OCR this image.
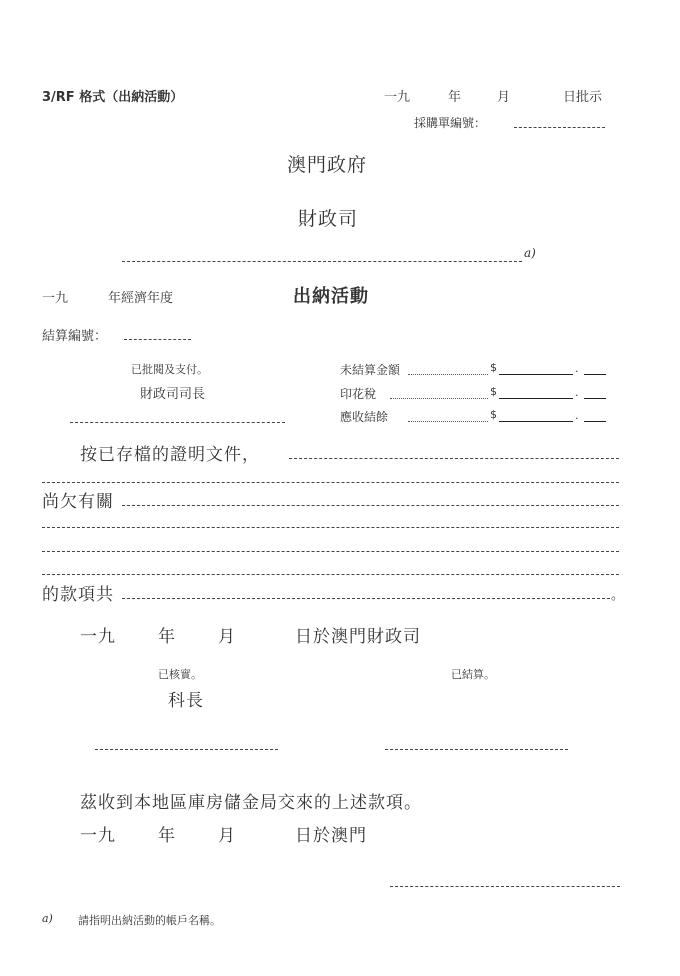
3/RF 格式（出納活動）	一九	年	月	日批示
採購單編號：
澳門政府
財政司
a)
一九	年經濟年度	出納活動
結算編號：
已批閱及支付。
財政司司長
未結算金額	$	.
印花稅	$	.
應收結餘	$	.
按已存檔的證明文件，
尚欠有關
的款項共	。
一九 年 月	日於澳門財政司
已核實。
科長
已結算。
茲收到本地區庫房儲金局交來的上述款項。
一九 年 月	日於澳門
a) 請指明出納活動的帳戶名稱。
